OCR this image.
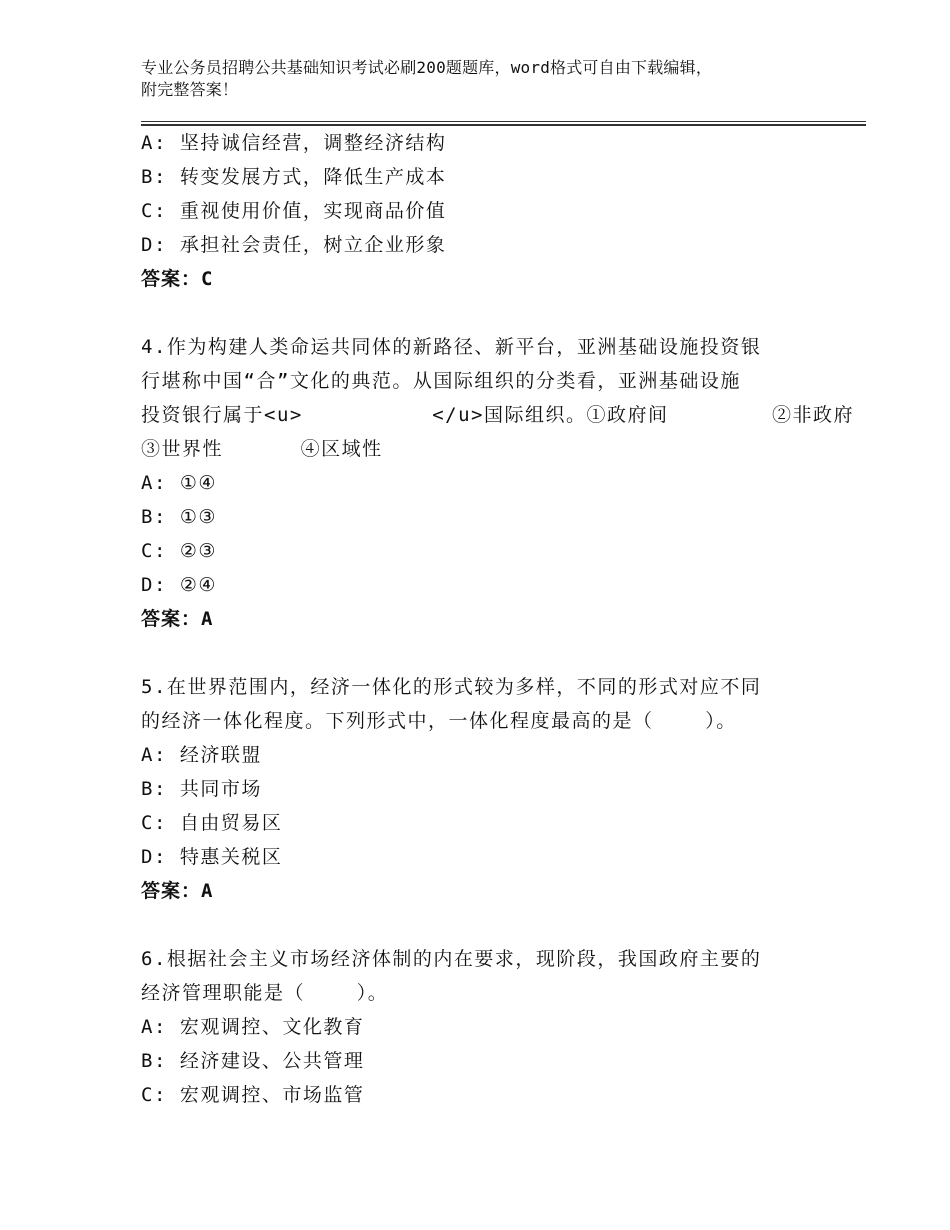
专业公务员招聘公共基础知识考试必刷200题题库，word格式可自由下载编辑，
附完整答案！
A: 坚持诚信经营，调整经济结构
B: 转变发展方式，降低生产成本
C: 重视使用价值，实现商品价值
D: 承担社会责任，树立企业形象
答案：C
4.作为构建人类命运共同体的新路径、新平台，亚洲基础设施投资银
行堪称中国“合”文化的典范。从国际组织的分类看，亚洲基础设施
投资银行属于<u>          </u>国际组织。①政府间        ②非政府
③世界性      ④区域性
A: ①④
B: ①③
C: ②③
D: ②④
答案：A
5.在世界范围内，经济一体化的形式较为多样，不同的形式对应不同
的经济一体化程度。下列形式中，一体化程度最高的是（    ）。
A: 经济联盟
B: 共同市场
C: 自由贸易区
D: 特惠关税区
答案：A
6.根据社会主义市场经济体制的内在要求，现阶段，我国政府主要的
经济管理职能是（    ）。
A: 宏观调控、文化教育
B: 经济建设、公共管理
C: 宏观调控、市场监管
